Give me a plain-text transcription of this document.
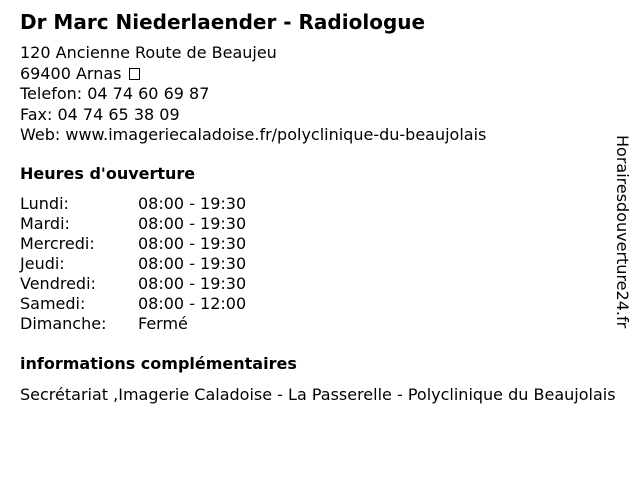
Dr Marc Niederlaender - Radiologue
120 Ancienne Route de Beaujeu
69400 Arnas
Telefon: 04 74 60 69 87
Fax: 04 74 65 38 09
Web: www.imageriecaladoise.fr/polyclinique-du-beaujolais
Heures d'ouverture
Lundi:	08:00 - 19:30
Mardi:	08:00 - 19:30
Mercredi:	08:00 - 19:30
Jeudi:	08:00 - 19:30
Vendredi:	08:00 - 19:30
Samedi:	08:00 - 12:00
Dimanche: Fermé
informations complémentaires
Secrétariat ,Imagerie Caladoise - La Passerelle - Polyclinique du Beaujolais
Horairesdouverture24.fr
